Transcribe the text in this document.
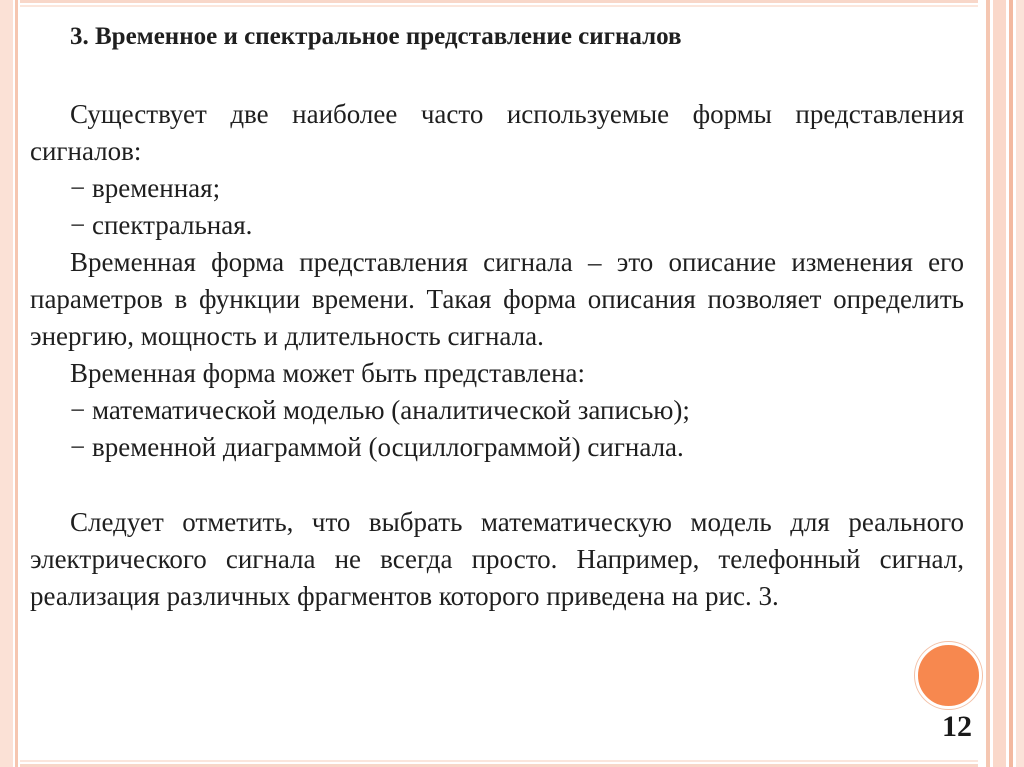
3. Временное и спектральное представление сигналов

Существует две наиболее часто используемые формы представления сигналов:

− временная;

− спектральная.

Временная форма представления сигнала – это описание изменения его параметров в функции времени. Такая форма описания позволяет определить энергию, мощность и длительность сигнала.

Временная форма может быть представлена:

− математической моделью (аналитической записью);

− временной диаграммой (осциллограммой) сигнала.

Следует отметить, что выбрать математическую модель для реального электрического сигнала не всегда просто. Например, телефонный сигнал, реализация различных фрагментов которого приведена на рис. 3.

12
